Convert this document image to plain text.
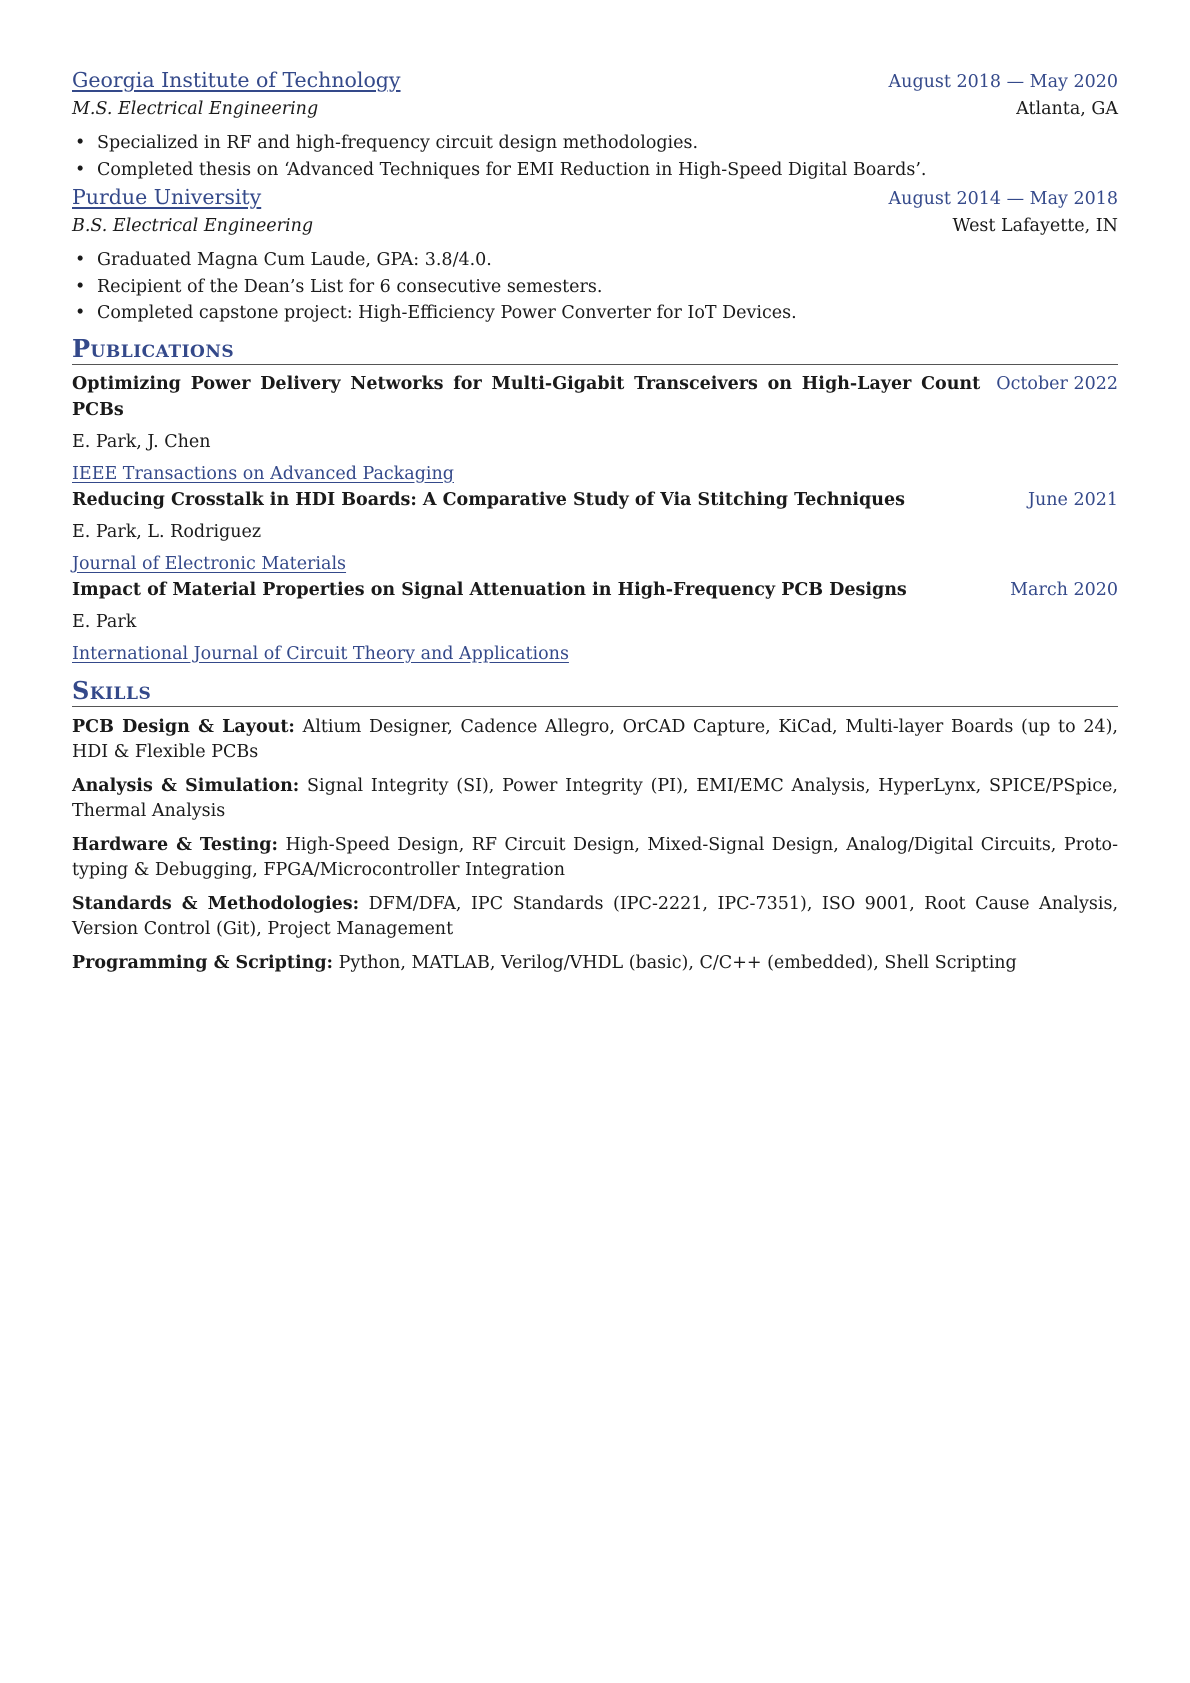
Georgia Institute of Technology	August 2018 — May 2020
M.S. Electrical Engineering	Atlanta, GA
• Specialized in RF and high-frequency circuit design methodologies.
• Completed thesis on ‘Advanced Techniques for EMI Reduction in High-Speed Digital Boards’.
Purdue University	August 2014 — May 2018
B.S. Electrical Engineering	West Lafayette, IN
• Graduated Magna Cum Laude, GPA: 3.8/4.0.
• Recipient of the Dean’s List for 6 consecutive semesters.
• Completed capstone project: High-Efficiency Power Converter for IoT Devices.
Publications
Optimizing Power Delivery Networks for Multi-Gigabit Transceivers on High-Layer Count PCBs
October 2022
E. Park, J. Chen
IEEE Transactions on Advanced Packaging
Reducing Crosstalk in HDI Boards: A Comparative Study of Via Stitching Techniques	June 2021
E. Park, L. Rodriguez
Journal of Electronic Materials
Impact of Material Properties on Signal Attenuation in High-Frequency PCB Designs	March 2020
E. Park
International Journal of Circuit Theory and Applications
Skills
PCB Design & Layout: Altium Designer, Cadence Allegro, OrCAD Capture, KiCad, Multi-layer Boards (up to 24), HDI & Flexible PCBs
Analysis & Simulation: Signal Integrity (SI), Power Integrity (PI), EMI/EMC Analysis, HyperLynx, SPICE/PSpice, Thermal Analysis
Hardware & Testing: High-Speed Design, RF Circuit Design, Mixed-Signal Design, Analog/Digital Circuits, Prototyping & Debugging, FPGA/Microcontroller Integration
Standards & Methodologies: DFM/DFA, IPC Standards (IPC-2221, IPC-7351), ISO 9001, Root Cause Analysis, Version Control (Git), Project Management
Programming & Scripting: Python, MATLAB, Verilog/VHDL (basic), C/C++ (embedded), Shell Scripting
